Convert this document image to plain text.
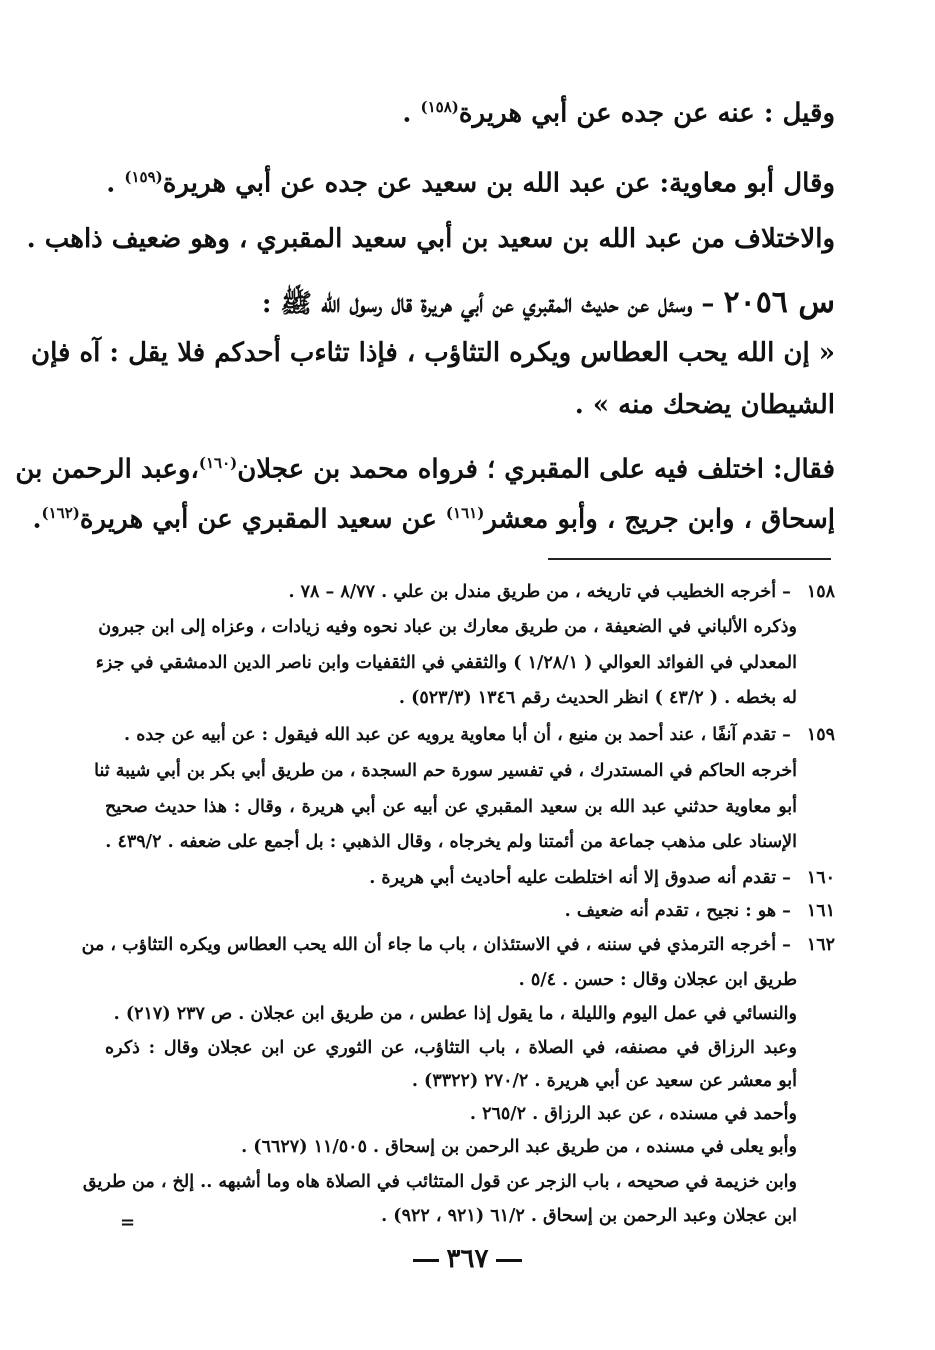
وقيل : عنه عن جده عن أبي هريرة$^{(١٥٨)}$ .
وقال أبو معاوية: عن عبد الله بن سعيد عن جده عن أبي هريرة$^{(١٥٩)}$ .
والاختلاف من عبد الله بن سعيد بن أبي سعيد المقبري ، وهو ضعيف ذاهب .
س ٢٠٥٦ – وسئل عن حديث المقبري عن أبي هريرة قال رسول الله ﷺ :
« إن الله يحب العطاس ويكره التثاؤب ، فإذا تثاءب أحدكم فلا يقل : آه فإن
الشيطان يضحك منه » .
فقال: اختلف فيه على المقبري ؛ فرواه محمد بن عجلان$^{(١٦٠)}$،وعبد الرحمن بن
إسحاق ، وابن جريج ، وأبو معشر$^{(١٦١)}$ عن سعيد المقبري عن أبي هريرة$^{(١٦٢)}$.
١٥٨ – أخرجه الخطيب في تاريخه ، من طريق مندل بن علي . ٨/٧٧ – ٧٨ .
وذكره الألباني في الضعيفة ، من طريق معارك بن عباد نحوه وفيه زيادات ، وعزاه إلى ابن جبرون
المعدلي في الفوائد العوالي ( ١/٢٨/١ ) والثقفي في الثقفيات وابن ناصر الدين الدمشقي في جزء
له بخطه . ( ٤٣/٢ ) انظر الحديث رقم ١٣٤٦ (٥٢٣/٣) .
١٥٩ – تقدم آنفًا ، عند أحمد بن منيع ، أن أبا معاوية يرويه عن عبد الله فيقول : عن أبيه عن جده .
أخرجه الحاكم في المستدرك ، في تفسير سورة حم السجدة ، من طريق أبي بكر بن أبي شيبة ثنا
أبو معاوية حدثني عبد الله بن سعيد المقبري عن أبيه عن أبي هريرة ، وقال : هذا حديث صحيح
الإسناد على مذهب جماعة من أئمتنا ولم يخرجاه ، وقال الذهبي : بل أجمع على ضعفه . ٤٣٩/٢ .
١٦٠ – تقدم أنه صدوق إلا أنه اختلطت عليه أحاديث أبي هريرة .
١٦١ – هو : نجيح ، تقدم أنه ضعيف .
١٦٢ – أخرجه الترمذي في سننه ، في الاستئذان ، باب ما جاء أن الله يحب العطاس ويكره التثاؤب ، من
طريق ابن عجلان وقال : حسن . ٥/٤ .
والنسائي في عمل اليوم والليلة ، ما يقول إذا عطس ، من طريق ابن عجلان . ص ٢٣٧ (٢١٧) .
وعبد الرزاق في مصنفه، في الصلاة ، باب التثاؤب، عن الثوري عن ابن عجلان وقال : ذكره
أبو معشر عن سعيد عن أبي هريرة . ٢٧٠/٢ (٣٣٢٢) .
وأحمد في مسنده ، عن عبد الرزاق . ٢٦٥/٢ .
وأبو يعلى في مسنده ، من طريق عبد الرحمن بن إسحاق . ١١/٥٠٥ (٦٦٢٧) .
وابن خزيمة في صحيحه ، باب الزجر عن قول المتثائب في الصلاة هاه وما أشبهه .. إلخ ، من طريق
ابن عجلان وعبد الرحمن بن إسحاق . ٦١/٢ (٩٢١ ، ٩٢٢) .
=
٣٦٧
